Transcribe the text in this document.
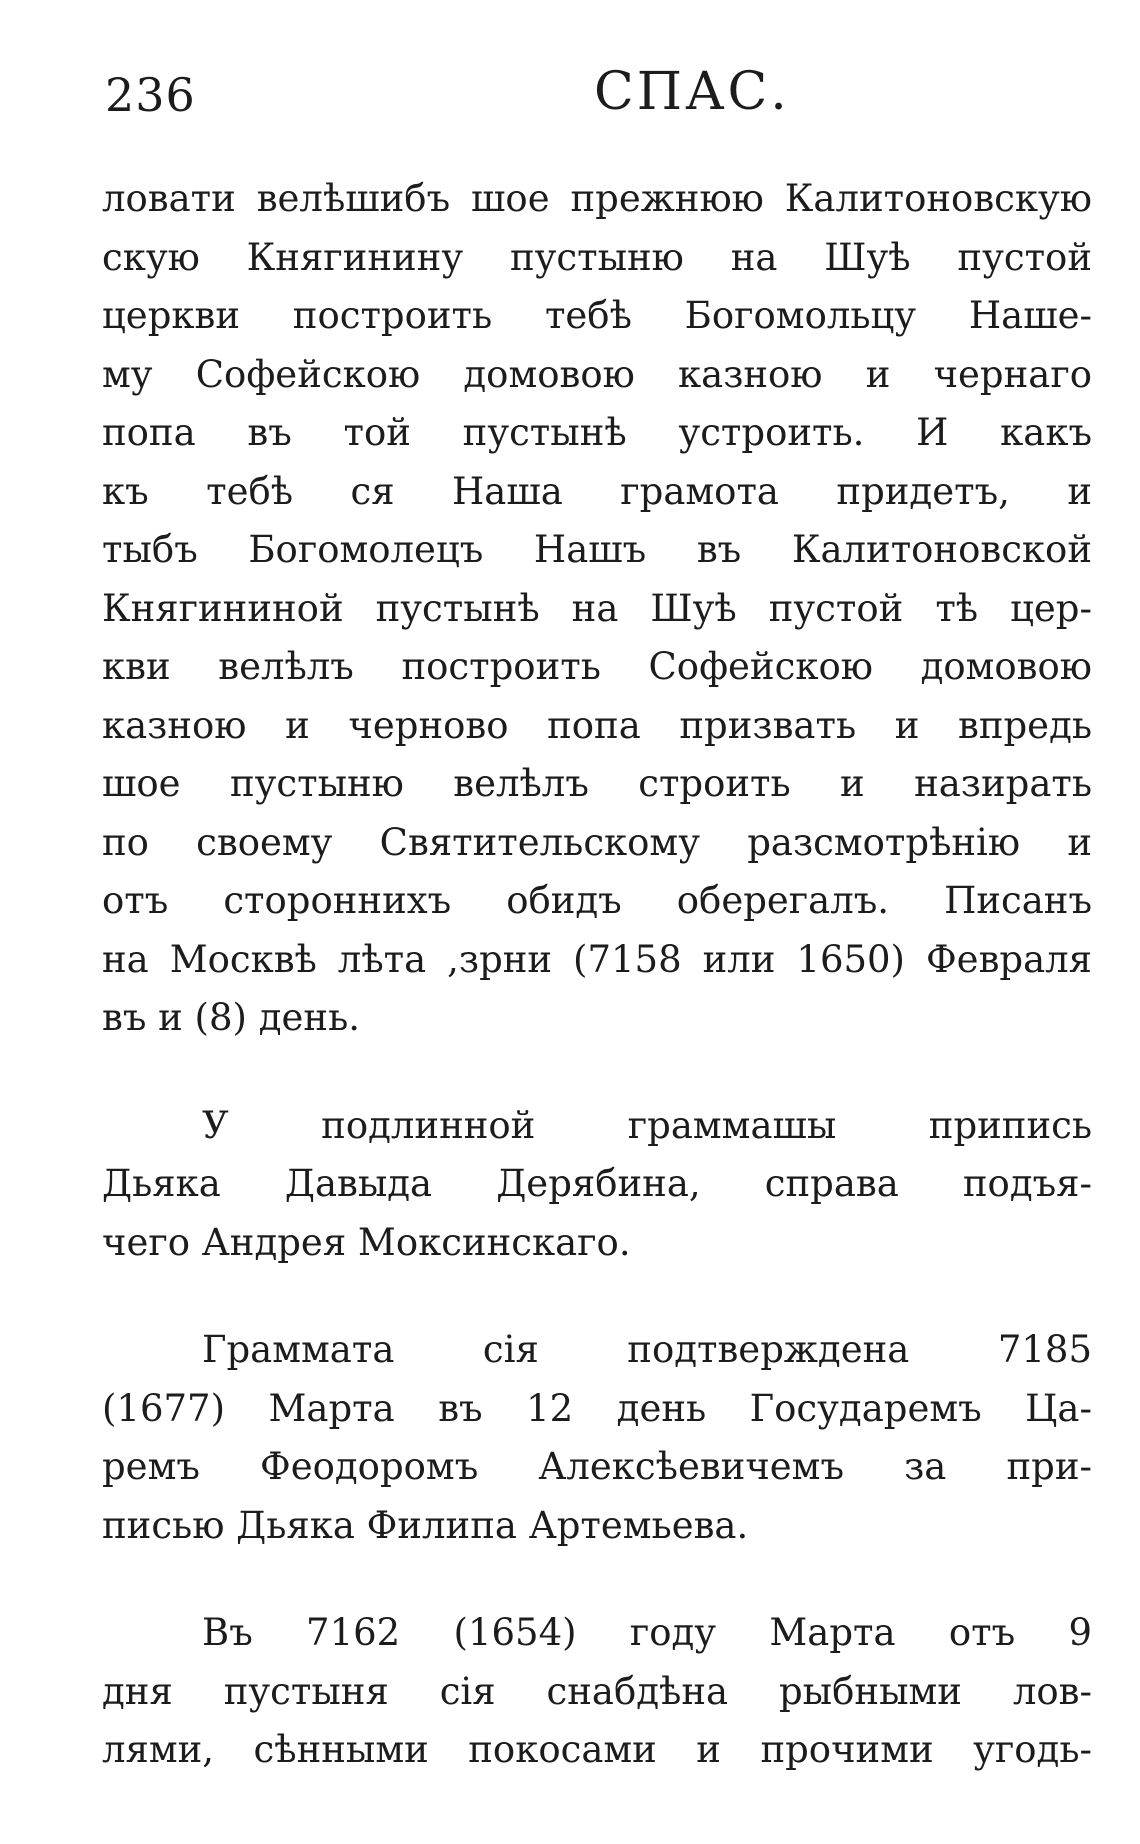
236	СПАС.
ловати велѣшибъ шое прежнюю Калитоновскую
скую Княгинину пустыню на Шуѣ пустой
церкви построить тебѣ Богомольцу Наше-
му Софейскою домовою казною и чернаго
попа въ той пустынѣ устроить. И какъ
къ тебѣ ся Наша грамота придетъ, и
тыбъ Богомолецъ Нашъ въ Калитоновской
Княгининой пустынѣ на Шуѣ пустой тѣ цер-
кви велѣлъ построить Софейскою домовою
казною и черново попа призвать и впредь
шое пустыню велѣлъ строить и назирать
по своему Святительскому разсмотрѣнію и
отъ стороннихъ обидъ оберегалъ. Писанъ
на Москвѣ лѣта ,зрни (7158 или 1650) Февраля
въ и (8) день.
У подлинной граммашы припись
Дьяка Давыда Дерябина, справа подъя-
чего Андрея Моксинскаго.
Граммата сія подтверждена 7185
(1677) Марта въ 12 день Государемъ Ца-
ремъ Феодоромъ Алексѣевичемъ за при-
писью Дьяка Филипа Артемьева.
Въ 7162 (1654) году Марта отъ 9
дня пустыня сія снабдѣна рыбными лов-
лями, сѣнными покосами и прочими угодь-
